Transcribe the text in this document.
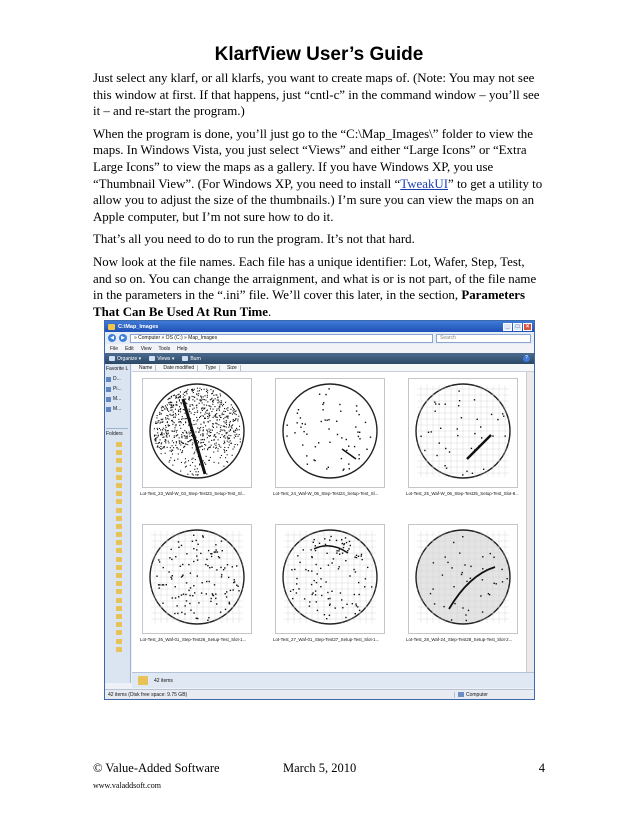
KlarfView User’s Guide

Just select any klarf, or all klarfs, you want to create maps of. (Note: You may not see this window at first. If that happens, just “cntl-c” in the command window – you’ll see it – and re-start the program.)

When the program is done, you’ll just go to the “C:\Map_Images\” folder to view the maps. In Windows Vista, you just select “Views” and either “Large Icons” or “Extra Large Icons” to view the maps as a gallery. If you have Windows XP, you use “Thumbnail View”. (For Windows XP, you need to install “TweakUI” to get a utility to allow you to adjust the size of the thumbnails.) I’m sure you can view the maps on an Apple computer, but I’m not sure how to do it.

That’s all you need to do to run the program. It’s not that hard.

Now look at the file names. Each file has a unique identifier: Lot, Wafer, Step, Test, and so on. You can change the arraignment, and what is or is not part, of the file name in the parameters in the “.ini” file. We’ll cover this later, in the section, Parameters That Can Be Used At Run Time.

C:\Map_Images	_	□	×
◀	▶	» Computer » OS (C:) » Map_Images	Search
File Edit View Tools Help
Organize ▾	Views ▾	Burn	?
Favorite L
D...
Pi...
M...
M...
Folders
Name	Date modified	Type	Size
Lot-Test_23_Waf-W_04_Step-Test23_Setup-Test_Sl...	Lot-Test_24_Waf-W_05_Step-Test24_Setup-Test_Sl...	Lot-Test_25_Waf-W_06_Step-Test25_Setup-Test_Slot-8...
Lot-Test_26_Waf-01_Step-Test26_Setup-Test_Slot-1...	Lot-Test_27_Waf-01_Step-Test27_Setup-Test_Slot-1...	Lot-Test_28_Waf-24_Step-Test28_Setup-Test_Slot-2...
42 items
42 items (Disk free space: 9.75 GB)	Computer
© Value-Added Software	March 5, 2010	4
www.valaddsoft.com
